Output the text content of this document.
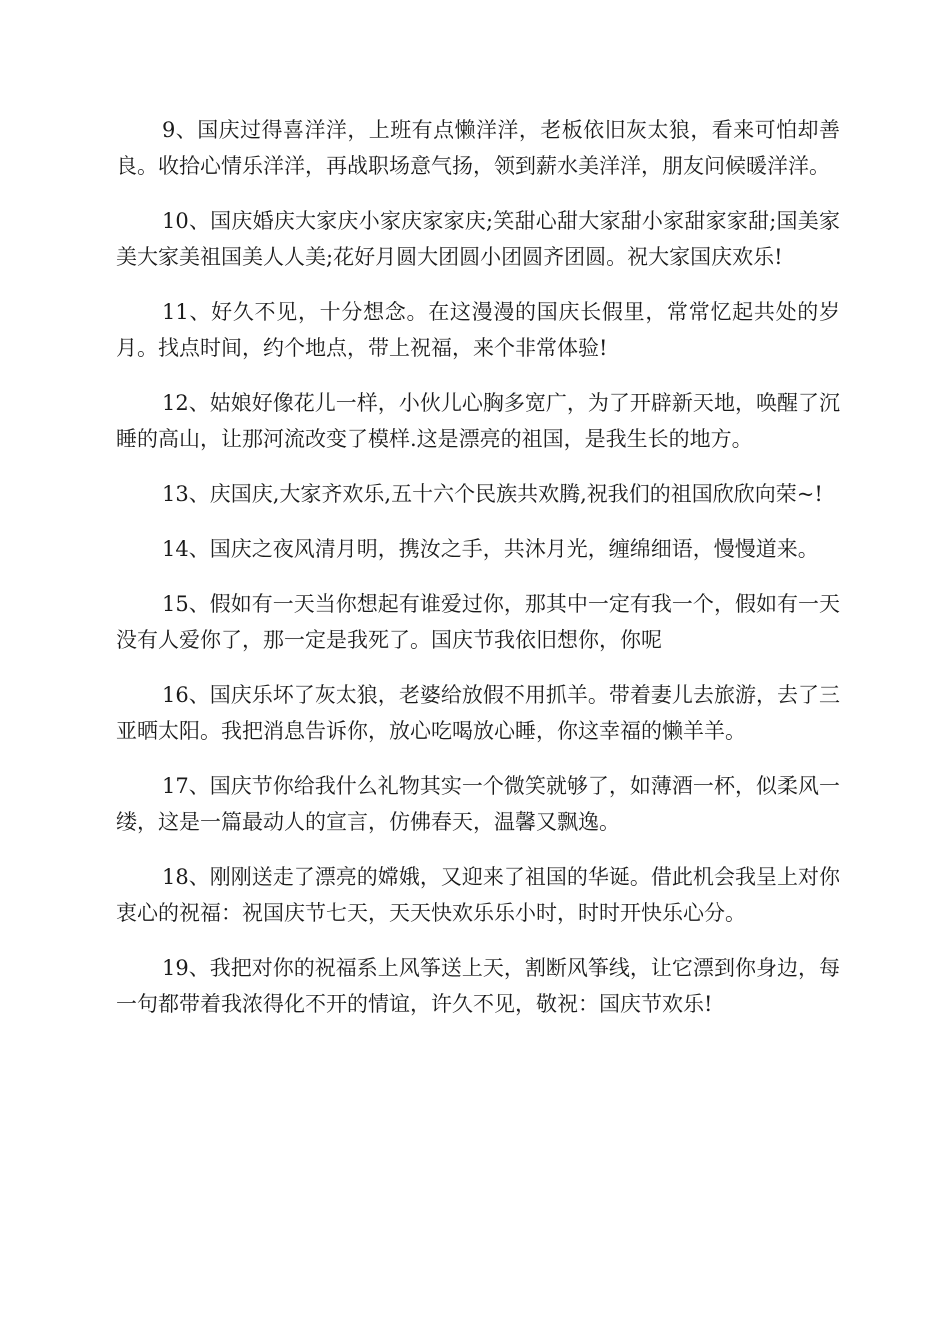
9、国庆过得喜洋洋，上班有点懒洋洋，老板依旧灰太狼，看来可怕却善良。收拾心情乐洋洋，再战职场意气扬，领到薪水美洋洋，朋友问候暖洋洋。

10、国庆婚庆大家庆小家庆家家庆;笑甜心甜大家甜小家甜家家甜;国美家美大家美祖国美人人美;花好月圆大团圆小团圆齐团圆。祝大家国庆欢乐!

11、好久不见，十分想念。在这漫漫的国庆长假里，常常忆起共处的岁月。找点时间，约个地点，带上祝福，来个非常体验!

12、姑娘好像花儿一样，小伙儿心胸多宽广，为了开辟新天地，唤醒了沉睡的高山，让那河流改变了模样.这是漂亮的祖国，是我生长的地方。

13、庆国庆,大家齐欢乐,五十六个民族共欢腾,祝我们的祖国欣欣向荣~!

14、国庆之夜风清月明，携汝之手，共沐月光，缠绵细语，慢慢道来。

15、假如有一天当你想起有谁爱过你，那其中一定有我一个，假如有一天没有人爱你了，那一定是我死了。国庆节我依旧想你，你呢

16、国庆乐坏了灰太狼，老婆给放假不用抓羊。带着妻儿去旅游，去了三亚晒太阳。我把消息告诉你，放心吃喝放心睡，你这幸福的懒羊羊。

17、国庆节你给我什么礼物其实一个微笑就够了，如薄酒一杯，似柔风一缕，这是一篇最动人的宣言，仿佛春天，温馨又飘逸。

18、刚刚送走了漂亮的嫦娥，又迎来了祖国的华诞。借此机会我呈上对你衷心的祝福：祝国庆节七天，天天快欢乐乐小时，时时开快乐心分。

19、我把对你的祝福系上风筝送上天，割断风筝线，让它漂到你身边，每一句都带着我浓得化不开的情谊，许久不见，敬祝：国庆节欢乐!
